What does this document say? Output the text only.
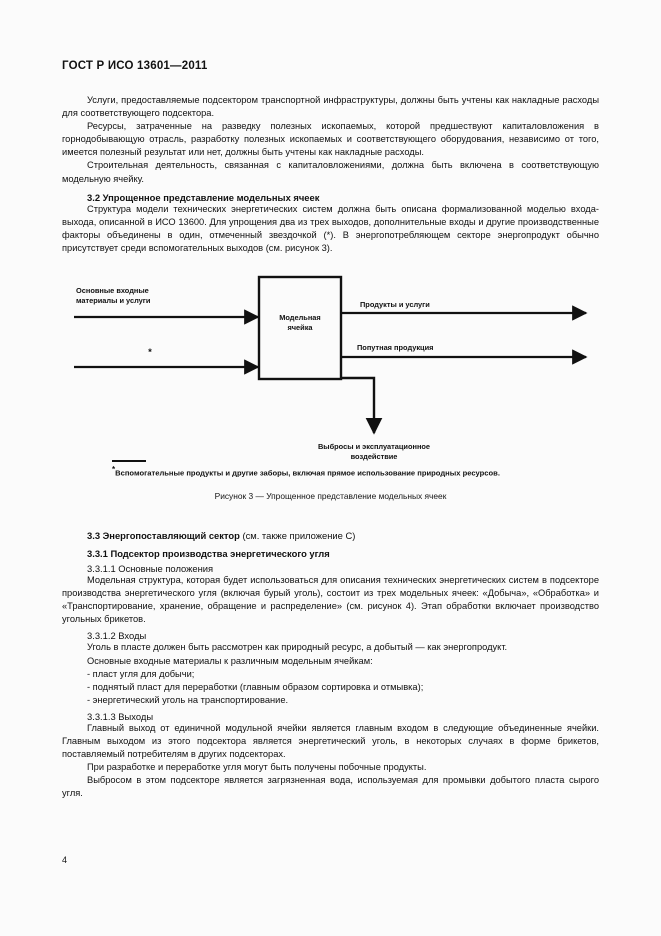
ГОСТ Р ИСО 13601—2011

Услуги, предоставляемые подсектором транспортной инфраструктуры, должны быть учтены как накладные расходы для соответствующего подсектора.

Ресурсы, затраченные на разведку полезных ископаемых, которой предшествуют капиталовложения в горнодобывающую отрасль, разработку полезных ископаемых и соответствующего оборудования, независимо от того, имеется полезный результат или нет, должны быть учтены как накладные расходы.

Строительная деятельность, связанная с капиталовложениями, должна быть включена в соответствующую модельную ячейку.

3.2 Упрощенное представление модельных ячеек

Структура модели технических энергетических систем должна быть описана формализованной моделью входа-выхода, описанной в ИСО 13600. Для упрощения два из трех выходов, дополнительные входы и другие производственные факторы объединены в один, отмеченный звездочкой (*). В энергопотребляющем секторе энергопродукт обычно присутствует среди вспомогательных выходов (см. рисунок 3).

Модельная
ячейка
Основные входные
материалы и услуги
*
Продукты и услуги
Попутная продукция
Выбросы и эксплуатационное
воздействие
*Вспомогательные продукты и другие заборы, включая прямое использование природных ресурсов.
Рисунок 3 — Упрощенное представление модельных ячеек
3.3 Энергопоставляющий сектор (см. также приложение С)
3.3.1 Подсектор производства энергетического угля
3.3.1.1 Основные положения

Модельная структура, которая будет использоваться для описания технических энергетических систем в подсекторе производства энергетического угля (включая бурый уголь), состоит из трех модельных ячеек: «Добыча», «Обработка» и «Транспортирование, хранение, обращение и распределение» (см. рисунок 4). Этап обработки включает производство угольных брикетов.

3.3.1.2 Входы

Уголь в пласте должен быть рассмотрен как природный ресурс, а добытый — как энергопродукт.

Основные входные материалы к различным модельным ячейкам:

- пласт угля для добычи;
- поднятый пласт для переработки (главным образом сортировка и отмывка);
- энергетический уголь на транспортирование.
3.3.1.3 Выходы

Главный выход от единичной модульной ячейки является главным входом в следующие объединенные ячейки. Главным выходом из этого подсектора является энергетический уголь, в некоторых случаях в форме брикетов, поставляемый потребителям в других подсекторах.

При разработке и переработке угля могут быть получены побочные продукты.

Выбросом в этом подсекторе является загрязненная вода, используемая для промывки добытого пласта сырого угля.

4
